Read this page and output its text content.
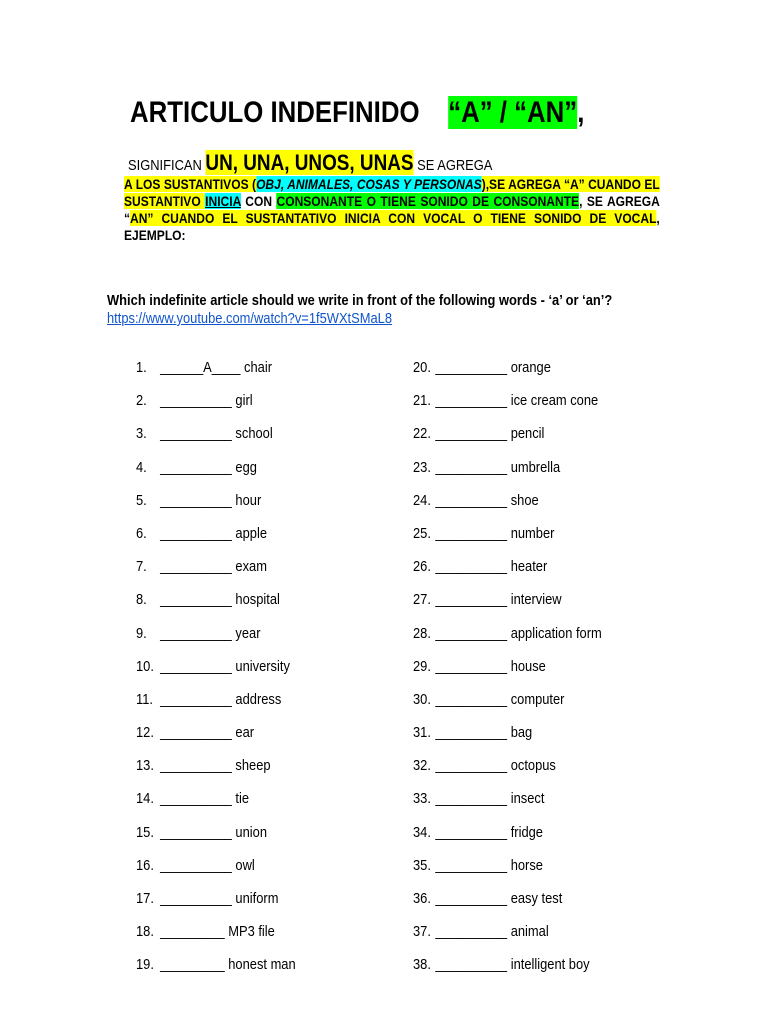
ARTICULO INDEFINIDO “A” / “AN”,
SIGNIFICAN UN, UNA, UNOS, UNAS SE AGREGA
A LOS SUSTANTIVOS (OBJ, ANIMALES, COSAS Y PERSONAS),SE AGREGA “A” CUANDO EL SUSTANTIVO INICIA CON CONSONANTE O TIENE SONIDO DE CONSONANTE, SE AGREGA “AN” CUANDO EL SUSTANTATIVO INICIA CON VOCAL O TIENE SONIDO DE VOCAL, EJEMPLO:
Which indefinite article should we write in front of the following words - ‘a’ or ‘an’?
https://www.youtube.com/watch?v=1f5WXtSMaL8
1. ______A____ chair
2. __________ girl
3. __________ school
4. __________ egg
5. __________ hour
6. __________ apple
7. __________ exam
8. __________ hospital
9. __________ year
10. __________ university
11. __________ address
12. __________ ear
13. __________ sheep
14. __________ tie
15. __________ union
16. __________ owl
17. __________ uniform
18. _________ MP3 file
19. _________ honest man
20. __________ orange
21. __________ ice cream cone
22. __________ pencil
23. __________ umbrella
24. __________ shoe
25. __________ number
26. __________ heater
27. __________ interview
28. __________ application form
29. __________ house
30. __________ computer
31. __________ bag
32. __________ octopus
33. __________ insect
34. __________ fridge
35. __________ horse
36. __________ easy test
37. __________ animal
38. __________ intelligent boy
